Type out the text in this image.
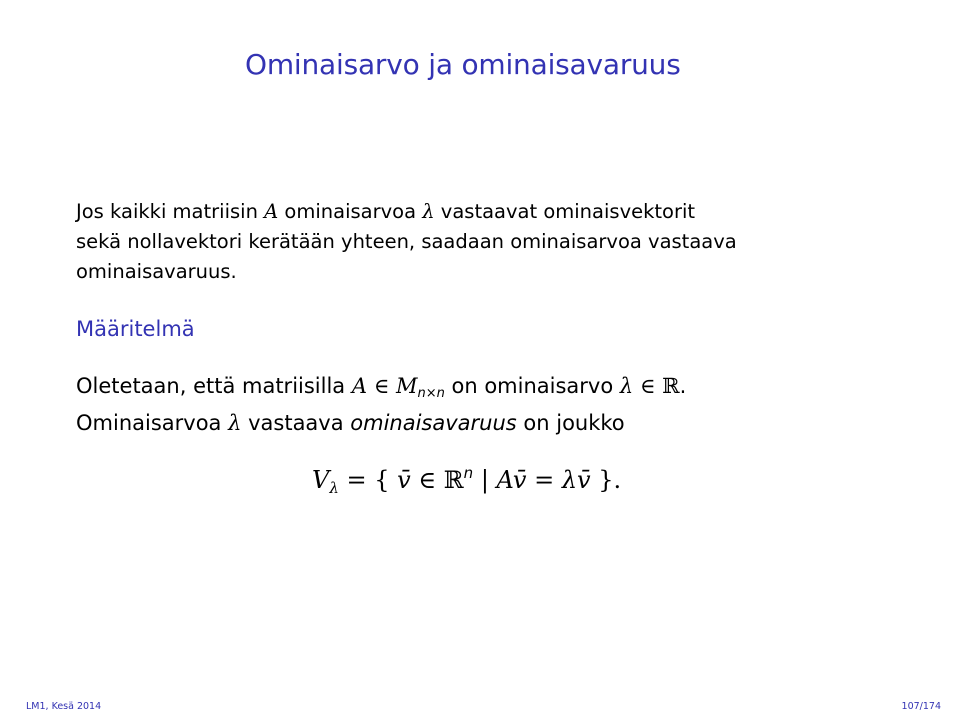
Ominaisarvo ja ominaisavaruus
Jos kaikki matriisin A ominaisarvoa λ vastaavat ominaisvektorit
sekä nollavektori kerätään yhteen, saadaan ominaisarvoa vastaava
ominaisavaruus.
Määritelmä
Oletetaan, että matriisilla A ∈ $M_{n\times n}$ on ominaisarvo λ ∈ ℝ.
Ominaisarvoa λ vastaava ominaisavaruus on joukko
$V_\lambda$ = { v̄ ∈ ℝ$^n$ | Av̄ = λv̄ }.
LM1, Kesä 2014	107/174
